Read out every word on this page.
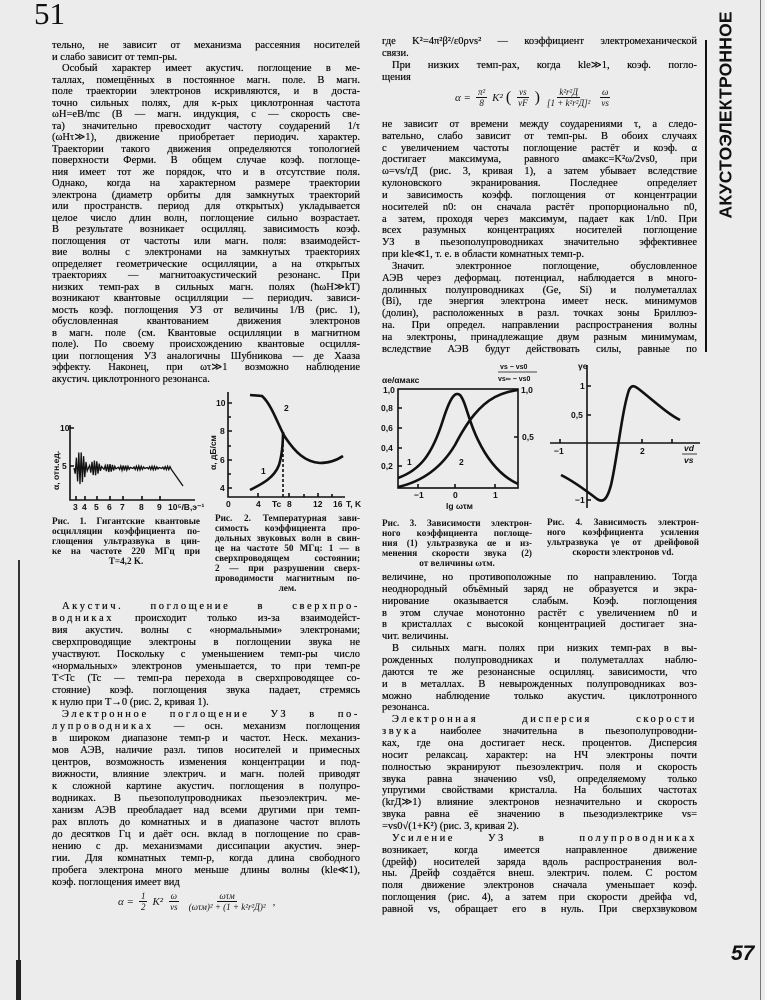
51
57
АКУСТОЭЛЕКТРОННОЕ
тельно, не зависит от механизма рассеяния носителей
и слабо зависит от темп-ры.
Особый характер имеет акустич. поглощение в ме-
таллах, помещённых в постоянное магн. поле. В магн.
поле траектории электронов искривляются, и в доста-
точно сильных полях, для к-рых циклотронная частота
ωH=eB/mc (B — магн. индукция, c — скорость све-
та) значительно превосходит частоту соударений 1/τ
(ωHτ≫1), движение приобретает периодич. характер.
Траектории такого движения определяются топологией
поверхности Ферми. В общем случае коэф. поглоще-
ния имеет тот же порядок, что и в отсутствие поля.
Однако, когда на характерном размере траектории
электрона (диаметр орбиты для замкнутых траекторий
или пространств. период для открытых) укладывается
целое число длин волн, поглощение сильно возрастает.
В результате возникает осцилляц. зависимость коэф.
поглощения от частоты или магн. поля: взаимодейст-
вие волны с электронами на замкнутых траекториях
определяет геометрические осцилляции, а на открытых
траекториях — магнитоакустический резонанс. При
низких темп-рах в сильных магн. полях (ħωH≫kT)
возникают квантовые осцилляции — периодич. зависи-
мость коэф. поглощения УЗ от величины 1/B (рис. 1),
обусловленная квантованием движения электронов
в магн. поле (см. Квантовые осцилляции в магнитном
поле). По своему происхождению квантовые осцилля-
ции поглощения УЗ аналогичны Шубникова — де Хааза
эффекту. Наконец, при ωτ≫1 возможно наблюдение
акустич. циклотронного резонанса.
Акустич. поглощение в сверхпро-
водниках происходит только из-за взаимодейст-
вия акустич. волны с «нормальными» электронами;
сверхпроводящие электроны в поглощении звука не
участвуют. Поскольку с уменьшением темп-ры число
«нормальных» электронов уменьшается, то при темп-ре
T<Tc (Tc — темп-ра перехода в сверхпроводящее со-
стояние) коэф. поглощения звука падает, стремясь
к нулю при T→0 (рис. 2, кривая 1).
Электронное поглощение УЗ в по-
лупроводниках — осн. механизм поглощения
в широком диапазоне темп-р и частот. Неск. механиз-
мов АЭВ, наличие разл. типов носителей и примесных
центров, возможность изменения концентрации и под-
вижности, влияние электрич. и магн. полей приводят
к сложной картине акустич. поглощения в полупро-
водниках. В пьезополупроводниках пьезоэлектрич. ме-
ханизм АЭВ преобладает над всеми другими при темп-
рах вплоть до комнатных и в диапазоне частот вплоть
до десятков Гц и даёт осн. вклад в поглощение по срав-
нению с др. механизмами диссипации акустич. энер-
гии. Для комнатных темп-р, когда длина свободного
пробега электрона много меньше длины волны (kle≪1),
коэф. поглощения имеет вид
где K²=4π²β²/ε0ρvs² — коэффициент электромеханической
связи.
При низких темп-рах, когда kle≫1, коэф. погло-
щения
не зависит от времени между соударениями τ, а следо-
вательно, слабо зависит от темп-ры. В обоих случаях
с увеличением частоты поглощение растёт и коэф. α
достигает максимума, равного αмакс=K²ω/2vs0, при
ω=vs/rД (рис. 3, кривая 1), а затем убывает вследствие
кулоновского экранирования. Последнее определяет
и зависимость коэфф. поглощения от концентрации
носителей n0: он сначала растёт пропорционально n0,
а затем, проходя через максимум, падает как 1/n0. При
всех разумных концентрациях носителей поглощение
УЗ в пьезополупроводниках значительно эффективнее
при kle≪1, т. е. в области комнатных темп-р.
Значит. электронное поглощение, обусловленное
АЭВ через деформац. потенциал, наблюдается в много-
долинных полупроводниках (Ge, Si) и полуметаллах
(Bi), где энергия электрона имеет неск. минимумов
(долин), расположенных в разл. точках зоны Бриллюэ-
на. При определ. направлении распространения волны
на электроны, принадлежащие двум разным минимумам,
вследствие АЭВ будут действовать силы, равные по
величине, но противоположные по направлению. Тогда
неоднородный объёмный заряд не образуется и экра-
нирование оказывается слабым. Коэф. поглощения
в этом случае монотонно растёт с увеличением n0 и
в кристаллах с высокой концентрацией достигает зна-
чит. величины.
В сильных магн. полях при низких темп-рах в вы-
рожденных полупроводниках и полуметаллах наблю-
даются те же резонансные осцилляц. зависимости, что
и в металлах. В невырожденных полупроводниках воз-
можно наблюдение только акустич. циклотронного
резонанса.
Электронная дисперсия скорости
звука наиболее значительна в пьезополупроводни-
ках, где она достигает неск. процентов. Дисперсия
носит релаксац. характер: на НЧ электроны почти
полностью экранируют пьезоэлектрич. поля и скорость
звука равна значению vs0, определяемому только
упругими свойствами кристалла. На больших частотах
(krД≫1) влияние электронов незначительно и скорость
звука равна её значению в пьезодиэлектрике vs=
=vs0√(1+K²) (рис. 3, кривая 2).
Усиление УЗ в полупроводниках
возникает, когда имеется направленное движение
(дрейф) носителей заряда вдоль распространения вол-
ны. Дрейф создаётся внеш. электрич. полем. С ростом
поля движение электронов сначала уменьшает коэф.
поглощения (рис. 4), а затем при скорости дрейфа vd,
равной vs, обращает его в нуль. При сверхзвуковом
$\alpha = \frac{1}{2} K^2 \frac{\omega}{vs} \frac{\text{ωτм}}{\text{(ωτм)² + (1 + k²r²Д)²}}$ ,
$\alpha = \frac{\text{π²}}{8} K^2$ ( $\frac{vs}{vF}$ ) $\frac{\text{k²r²Д}}{\text{[1 + k²r²Д]²}} \frac{\omega}{vs}$
Рис. 1. Гигантские квантовые
осцилляции коэффициента по-
глощения ультразвука в цин-
ке на частоте 220 МГц при
T=4,2 K.
Рис. 2. Температурная зави-
симость коэффициента про-
дольных звуковых волн в свин-
це на частоте 50 МГц: 1 — в
сверхпроводящем состоянии;
2 — при разрушении сверх-
проводимости магнитным по-
лем.
Рис. 3. Зависимости электрон-
ного коэффициента поглоще-
ния (1) ультразвука αe и из-
менения скорости звука (2)
от величины ωτм.
Рис. 4. Зависимость электрон-
ного коэффициента усиления
ультразвука γe от дрейфовой
скорости электронов vd.
10
5
α, отн.ед.
3 4 5 6 7 8 9 10⁵/B,э⁻¹
10
8
6
4
α, дБ/см
0	4 Tc 8	12 16 T, K
2
1
αe/αмакс
vs − vs0
vs∞ − vs0
1,0
0,8
0,6
0,4
0,2
1,0
0,5
−1	0	1
lg ωτм
1	2
γe
1
0,5
−1
−1	2	vd
vs
